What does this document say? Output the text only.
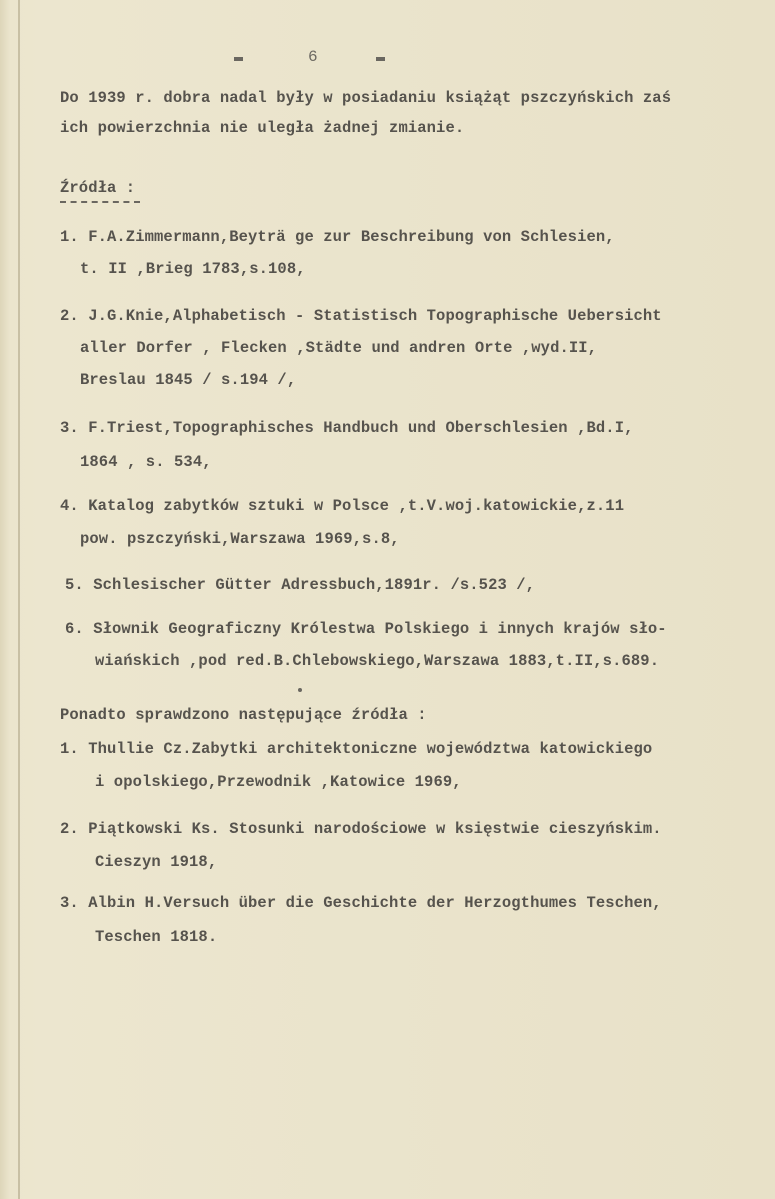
6
Do 1939 r. dobra nadal były w posiadaniu książąt pszczyńskich zaś
ich powierzchnia nie uległa żadnej zmianie.
Źródła :
1. F.A.Zimmermann,Beyträ ge zur Beschreibung von Schlesien,
t. II ,Brieg 1783,s.108,
2. J.G.Knie,Alphabetisch - Statistisch Topographische Uebersicht
aller Dorfer , Flecken ,Städte und andren Orte ,wyd.II,
Breslau 1845 / s.194 /,
3. F.Triest,Topographisches Handbuch und Oberschlesien ,Bd.I,
1864 , s. 534,
4. Katalog zabytków sztuki w Polsce ,t.V.woj.katowickie,z.11
pow. pszczyński,Warszawa 1969,s.8,
5. Schlesischer Gütter Adressbuch,1891r. /s.523 /,
6. Słownik Geograficzny Królestwa Polskiego i innych krajów sło-
wiańskich ,pod red.B.Chlebowskiego,Warszawa 1883,t.II,s.689.
Ponadto sprawdzono następujące źródła :
1. Thullie Cz.Zabytki architektoniczne województwa katowickiego
i opolskiego,Przewodnik ,Katowice 1969,
2. Piątkowski Ks. Stosunki narodościowe w księstwie cieszyńskim.
Cieszyn 1918,
3. Albin H.Versuch über die Geschichte der Herzogthumes Teschen,
Teschen 1818.
